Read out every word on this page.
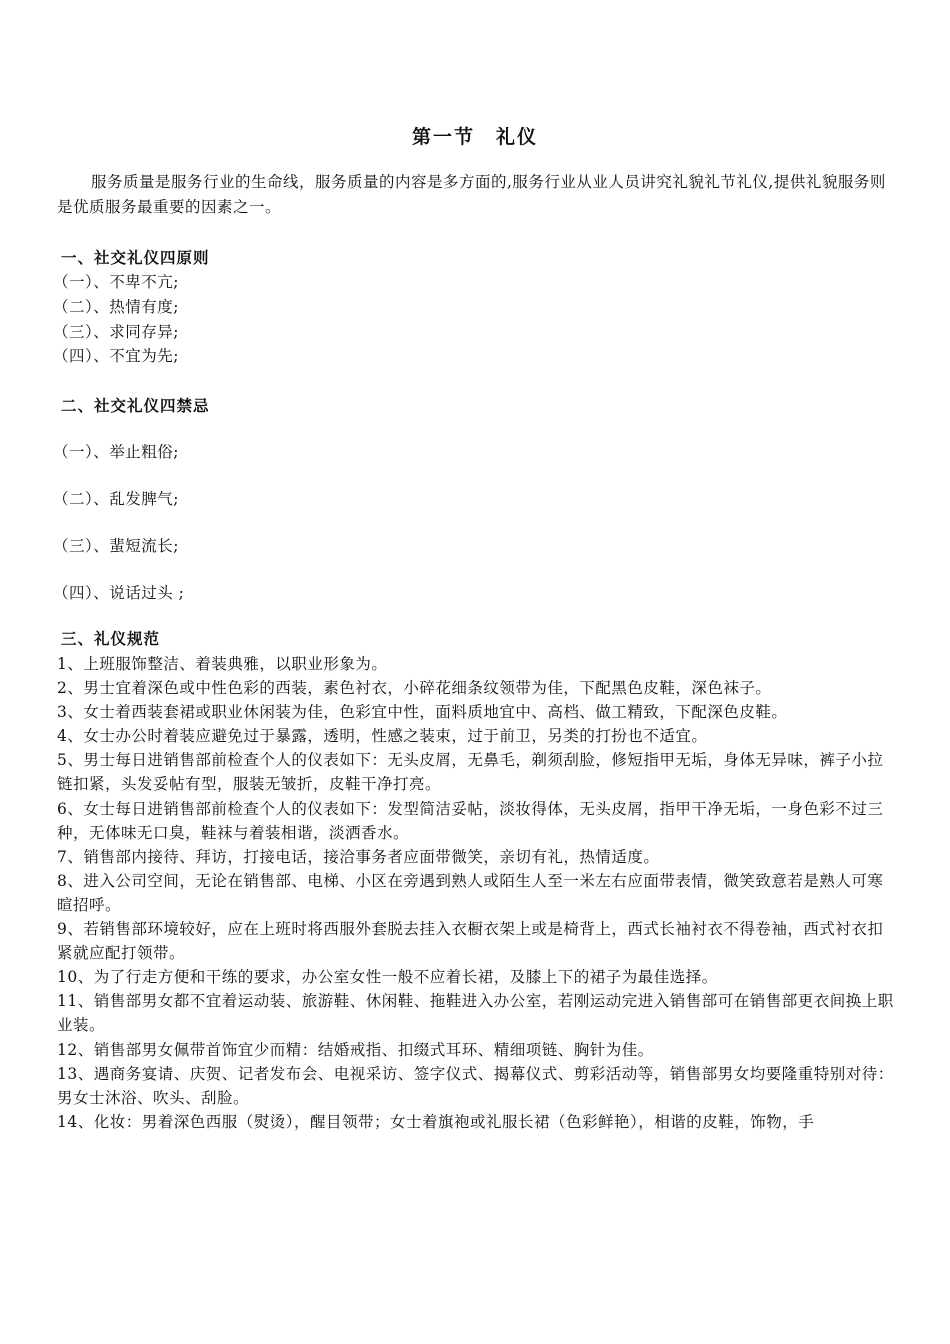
第一节　礼仪
服务质量是服务行业的生命线，服务质量的内容是多方面的,服务行业从业人员讲究礼貌礼节礼仪,提供礼貌服务则是优质服务最重要的因素之一。
一、社交礼仪四原则
（一）、不卑不亢;
（二）、热情有度;
（三）、求同存异;
（四）、不宜为先;
二、社交礼仪四禁忌
（一）、举止粗俗;
（二）、乱发脾气;
（三）、蜚短流长;
（四）、说话过头 ;
三、礼仪规范

1、上班服饰整洁、着装典雅，以职业形象为。

2、男士宜着深色或中性色彩的西装，素色衬衣，小碎花细条纹领带为佳，下配黑色皮鞋，深色袜子。

3、女士着西装套裙或职业休闲装为佳，色彩宜中性，面料质地宜中、高档、做工精致，下配深色皮鞋。

4、女士办公时着装应避免过于暴露，透明，性感之装束，过于前卫，另类的打扮也不适宜。

5、男士每日进销售部前检查个人的仪表如下：无头皮屑，无鼻毛，剃须刮脸，修短指甲无垢，身体无异味，裤子小拉链扣紧，头发妥帖有型，服装无皱折，皮鞋干净打亮。

6、女士每日进销售部前检查个人的仪表如下：发型简洁妥帖，淡妆得体，无头皮屑，指甲干净无垢，一身色彩不过三种，无体味无口臭，鞋袜与着装相谐，淡洒香水。

7、销售部内接待、拜访，打接电话，接洽事务者应面带微笑，亲切有礼，热情适度。

8、进入公司空间，无论在销售部、电梯、小区在旁遇到熟人或陌生人至一米左右应面带表情，微笑致意若是熟人可寒暄招呼。

9、若销售部环境较好，应在上班时将西服外套脱去挂入衣橱衣架上或是椅背上，西式长袖衬衣不得卷袖，西式衬衣扣紧就应配打领带。

10、为了行走方便和干练的要求，办公室女性一般不应着长裙，及膝上下的裙子为最佳选择。

11、销售部男女都不宜着运动装、旅游鞋、休闲鞋、拖鞋进入办公室，若刚运动完进入销售部可在销售部更衣间换上职业装。

12、销售部男女佩带首饰宜少而精：结婚戒指、扣缀式耳环、精细项链、胸针为佳。

13、遇商务宴请、庆贺、记者发布会、电视采访、签字仪式、揭幕仪式、剪彩活动等，销售部男女均要隆重特别对待：男女士沐浴、吹头、刮脸。

14、化妆：男着深色西服（熨烫），醒目领带；女士着旗袍或礼服长裙（色彩鲜艳），相谐的皮鞋，饰物，手
